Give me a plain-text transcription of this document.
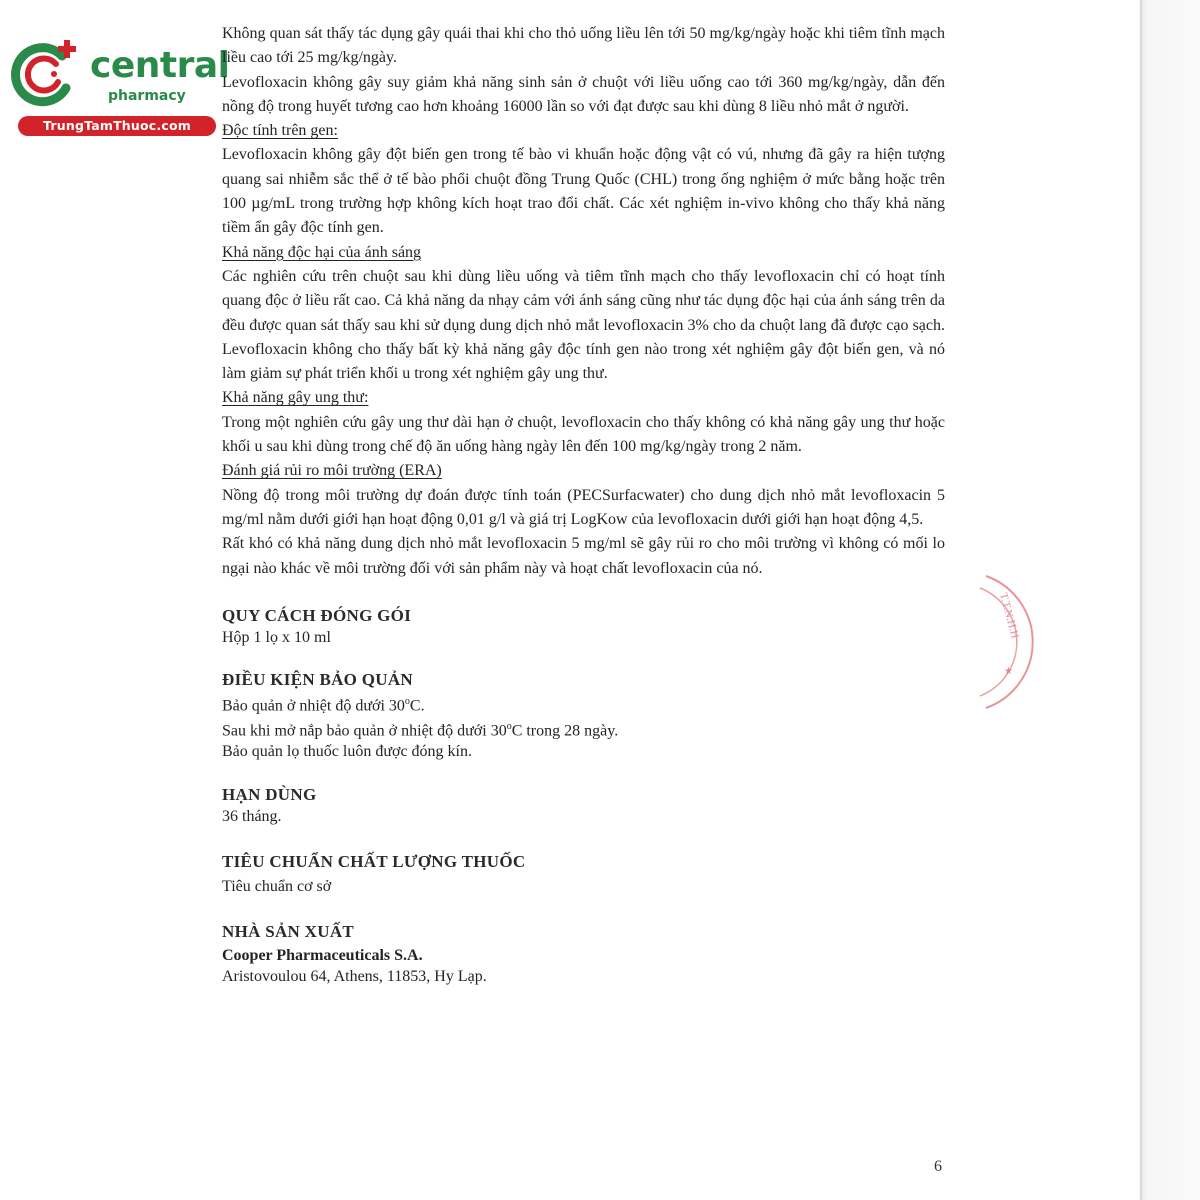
central
pharmacy
TrungTamThuoc.com
T.T.N.H.H
★

Không quan sát thấy tác dụng gây quái thai khi cho thỏ uống liều lên tới 50 mg/kg/ngày hoặc khi tiêm tĩnh mạch liều cao tới 25 mg/kg/ngày.

Levofloxacin không gây suy giảm khả năng sinh sản ở chuột với liều uống cao tới 360 mg/kg/ngày, dẫn đến nồng độ trong huyết tương cao hơn khoảng 16000 lần so với đạt được sau khi dùng 8 liều nhỏ mắt ở người.

Độc tính trên gen:

Levofloxacin không gây đột biến gen trong tế bào vi khuẩn hoặc động vật có vú, nhưng đã gây ra hiện tượng quang sai nhiễm sắc thể ở tế bào phổi chuột đồng Trung Quốc (CHL) trong ống nghiệm ở mức bằng hoặc trên 100 µg/mL trong trường hợp không kích hoạt trao đổi chất. Các xét nghiệm in-vivo không cho thấy khả năng tiềm ẩn gây độc tính gen.

Khả năng độc hại của ánh sáng

Các nghiên cứu trên chuột sau khi dùng liều uống và tiêm tĩnh mạch cho thấy levofloxacin chỉ có hoạt tính quang độc ở liều rất cao. Cả khả năng da nhạy cảm với ánh sáng cũng như tác dụng độc hại của ánh sáng trên da đều được quan sát thấy sau khi sử dụng dung dịch nhỏ mắt levofloxacin 3% cho da chuột lang đã được cạo sạch. Levofloxacin không cho thấy bất kỳ khả năng gây độc tính gen nào trong xét nghiệm gây đột biến gen, và nó làm giảm sự phát triển khối u trong xét nghiệm gây ung thư.

Khả năng gây ung thư:

Trong một nghiên cứu gây ung thư dài hạn ở chuột, levofloxacin cho thấy không có khả năng gây ung thư hoặc khối u sau khi dùng trong chế độ ăn uống hàng ngày lên đến 100 mg/kg/ngày trong 2 năm.

Đánh giá rủi ro môi trường (ERA)

Nồng độ trong môi trường dự đoán được tính toán (PECSurfacwater) cho dung dịch nhỏ mắt levofloxacin 5 mg/ml nằm dưới giới hạn hoạt động 0,01 g/l và giá trị LogKow của levofloxacin dưới giới hạn hoạt động 4,5.

Rất khó có khả năng dung dịch nhỏ mắt levofloxacin 5 mg/ml sẽ gây rủi ro cho môi trường vì không có mối lo ngại nào khác về môi trường đối với sản phẩm này và hoạt chất levofloxacin của nó.

QUY CÁCH ĐÓNG GÓI

Hộp 1 lọ x 10 ml

ĐIỀU KIỆN BẢO QUẢN

Bảo quản ở nhiệt độ dưới 30$^o$C.

Sau khi mở nắp bảo quản ở nhiệt độ dưới 30$^o$C trong 28 ngày.

Bảo quản lọ thuốc luôn được đóng kín.

HẠN DÙNG

36 tháng.

TIÊU CHUẨN CHẤT LƯỢNG THUỐC

Tiêu chuẩn cơ sở

NHÀ SẢN XUẤT

Cooper Pharmaceuticals S.A.

Aristovoulou 64, Athens, 11853, Hy Lạp.

6
